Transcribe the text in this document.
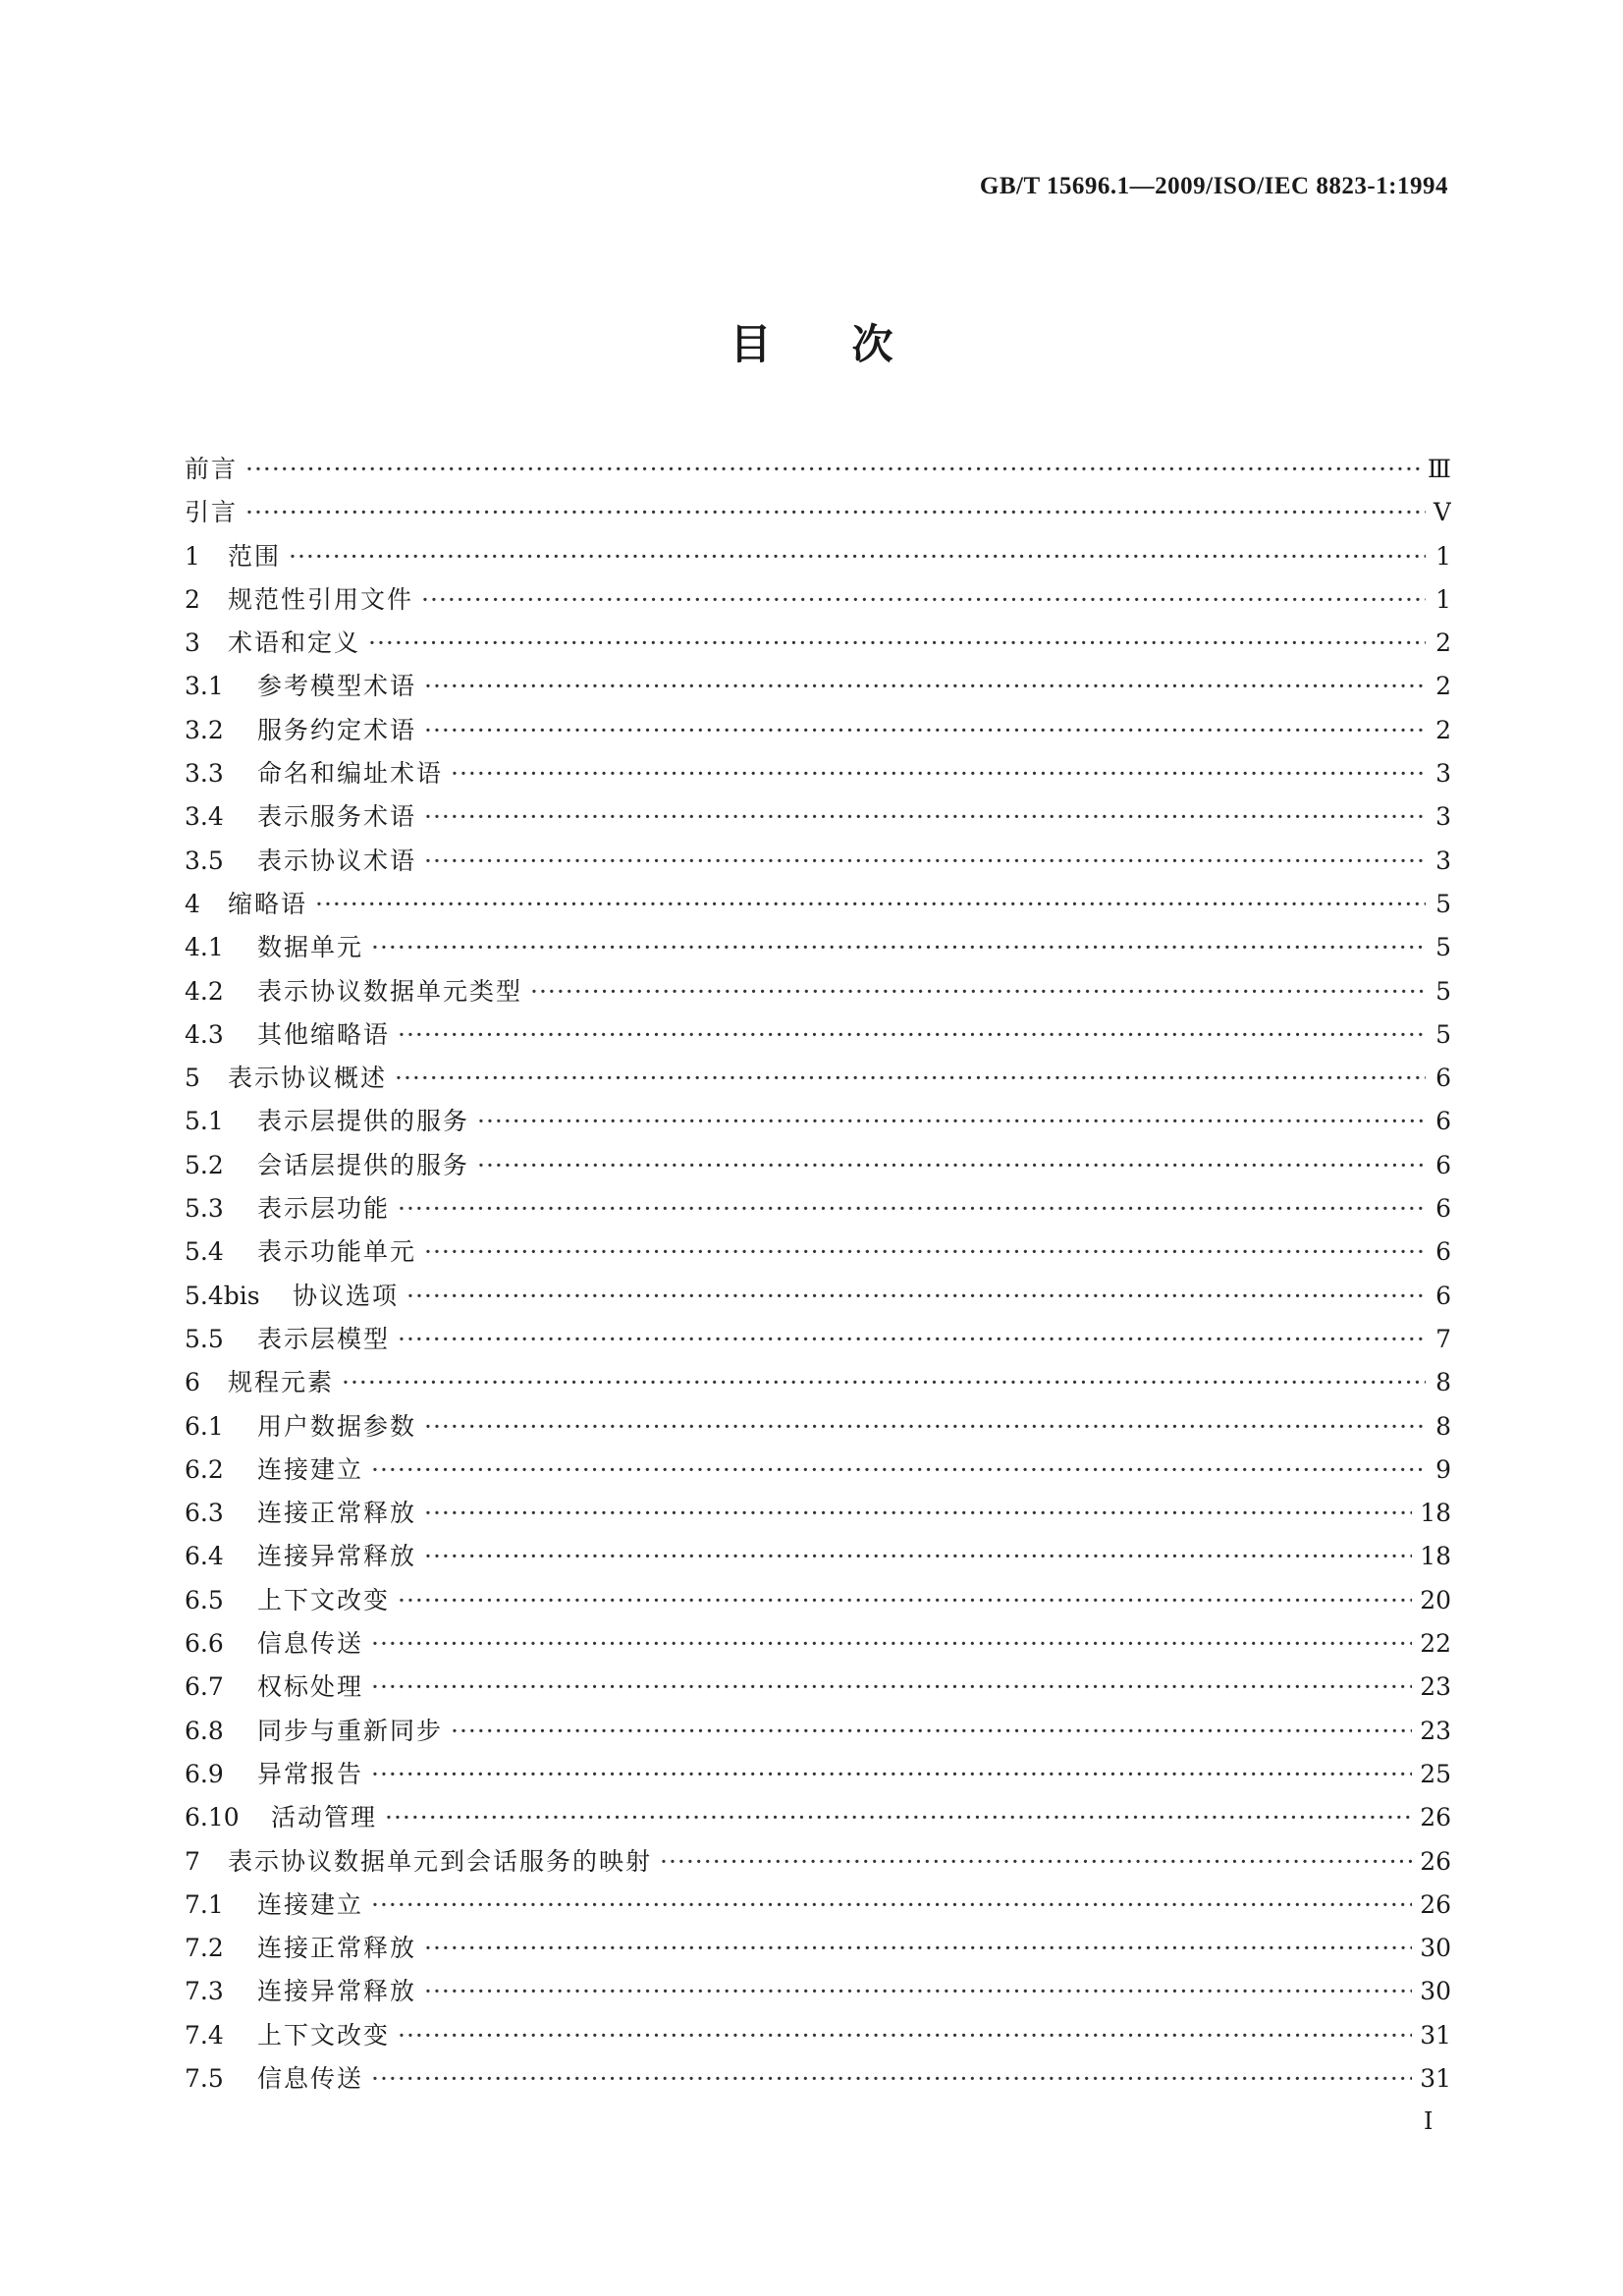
GB/T 15696.1—2009/ISO/IEC 8823-1:1994
目次
前言 ·····	Ⅲ
引言 ·····	Ⅴ
1	范围 ·····	1
2	规范性引用文件 ·····	1
3	术语和定义 ·····	2
3.1	参考模型术语 ·····	2
3.2	服务约定术语 ·····	2
3.3	命名和编址术语 ·····	3
3.4	表示服务术语 ·····	3
3.5	表示协议术语 ·····	3
4	缩略语 ·····	5
4.1	数据单元 ·····	5
4.2	表示协议数据单元类型 ·····	5
4.3	其他缩略语 ·····	5
5	表示协议概述 ·····	6
5.1	表示层提供的服务 ·····	6
5.2	会话层提供的服务 ·····	6
5.3	表示层功能 ·····	6
5.4	表示功能单元 ·····	6
5.4bis	协议选项 ·····	6
5.5	表示层模型 ·····	7
6	规程元素 ·····	8
6.1	用户数据参数 ·····	8
6.2	连接建立 ·····	9
6.3	连接正常释放 ·····	18
6.4	连接异常释放 ·····	18
6.5	上下文改变 ·····	20
6.6	信息传送 ·····	22
6.7	权标处理 ·····	23
6.8	同步与重新同步 ·····	23
6.9	异常报告 ·····	25
6.10	活动管理 ·····	26
7	表示协议数据单元到会话服务的映射 ·····	26
7.1	连接建立 ·····	26
7.2	连接正常释放 ·····	30
7.3	连接异常释放 ·····	30
7.4	上下文改变 ·····	31
7.5	信息传送 ·····	31
I
